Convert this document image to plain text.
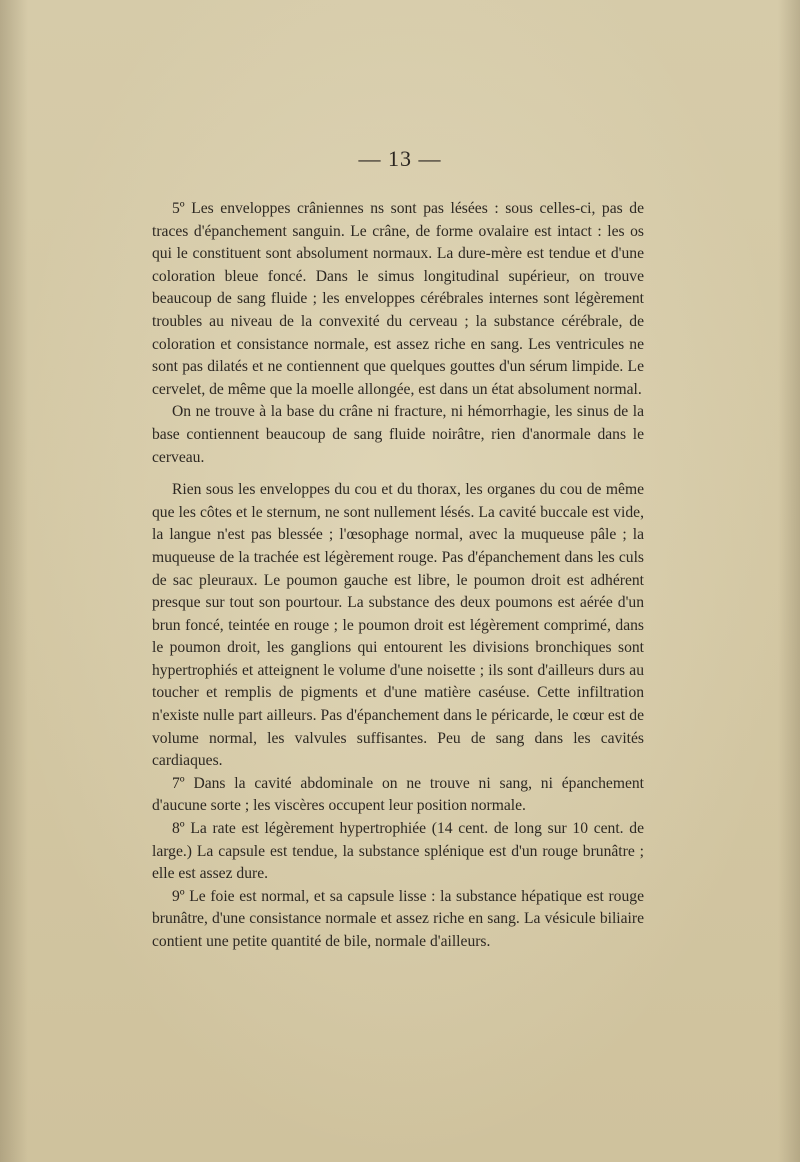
— 13 —

5º Les enveloppes crâniennes ns sont pas lésées : sous celles-ci, pas de traces d'épanchement sanguin. Le crâne, de forme ovalaire est intact : les os qui le constituent sont absolument normaux. La dure-mère est tendue et d'une coloration bleue foncé. Dans le simus longitudinal supérieur, on trouve beaucoup de sang fluide ; les enveloppes cérébrales internes sont légèrement troubles au niveau de la convexité du cerveau ; la substance cérébrale, de coloration et consistance normale, est assez riche en sang. Les ventricules ne sont pas dilatés et ne contiennent que quelques gouttes d'un sérum limpide. Le cervelet, de même que la moelle allongée, est dans un état absolument normal.

On ne trouve à la base du crâne ni fracture, ni hémorrhagie, les sinus de la base contiennent beaucoup de sang fluide noirâtre, rien d'anormale dans le cerveau.

Rien sous les enveloppes du cou et du thorax, les organes du cou de même que les côtes et le sternum, ne sont nullement lésés. La cavité buccale est vide, la langue n'est pas blessée ; l'œsophage normal, avec la muqueuse pâle ; la muqueuse de la trachée est légèrement rouge. Pas d'épanchement dans les culs de sac pleuraux. Le poumon gauche est libre, le poumon droit est adhérent presque sur tout son pourtour. La substance des deux poumons est aérée d'un brun foncé, teintée en rouge ; le poumon droit est légèrement comprimé, dans le poumon droit, les ganglions qui entourent les divisions bronchiques sont hypertrophiés et atteignent le volume d'une noisette ; ils sont d'ailleurs durs au toucher et remplis de pigments et d'une matière caséuse. Cette infiltration n'existe nulle part ailleurs. Pas d'épanchement dans le péricarde, le cœur est de volume normal, les valvules suffisantes. Peu de sang dans les cavités cardiaques.

7º Dans la cavité abdominale on ne trouve ni sang, ni épanchement d'aucune sorte ; les viscères occupent leur position normale.

8º La rate est légèrement hypertrophiée (14 cent. de long sur 10 cent. de large.) La capsule est tendue, la substance splénique est d'un rouge brunâtre ; elle est assez dure.

9º Le foie est normal, et sa capsule lisse : la substance hépatique est rouge brunâtre, d'une consistance normale et assez riche en sang. La vésicule biliaire contient une petite quantité de bile, normale d'ailleurs.
